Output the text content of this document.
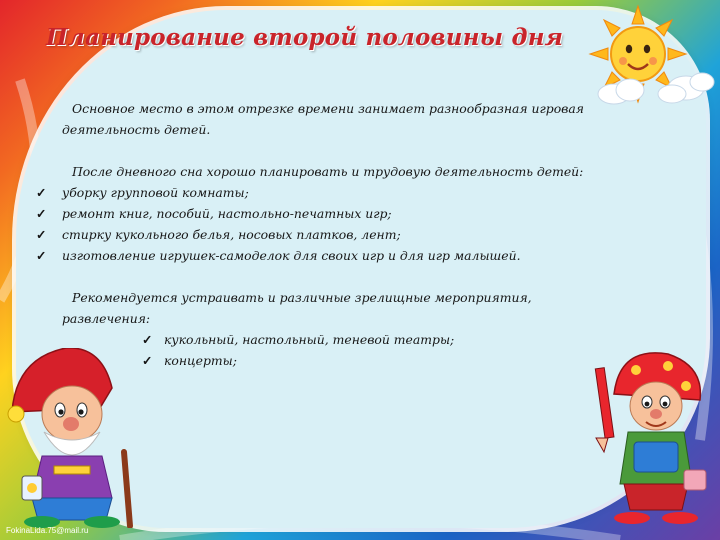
Планирование второй половины дня

Основное место в этом отрезке времени занимает разнообразная игровая деятельность детей.

После дневного сна хорошо планировать и трудовую деятельность детей:

✓ уборку групповой комнаты;
✓ ремонт книг, пособий, настольно-печатных игр;
✓ стирку кукольного белья, носовых платков, лент;
✓ изготовление игрушек-самоделок для своих игр и для игр малышей.

Рекомендуется устраивать и различные зрелищные мероприятия, развлечения:

✓ кукольный, настольный, теневой театры;
✓ концерты;

FokinaLida.75@mail.ru
